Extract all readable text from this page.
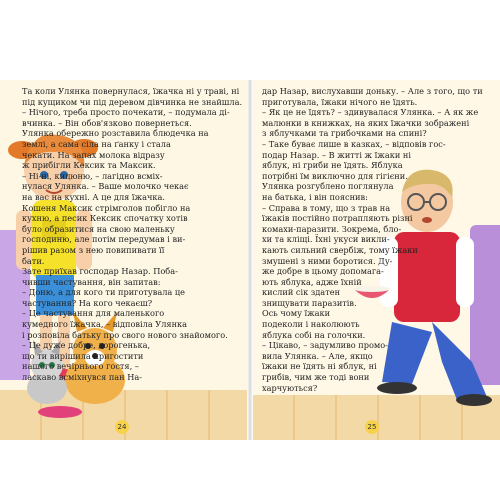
Та коли Улянка повернулася, їжачка ні у траві, ні

під кущиком чи під деревом дівчинка не знайшла.

– Нічого, треба просто почекати, – подумала ді-

вчинка. – Він обов'язково повернеться.

Улянка обережно розставила блюдечка на

землі, а сама сіла на ґанку і стала

чекати. На запах молока відразу

ж прибігли Кексик та Максик.

– Ні-ні, кицюню, – лагідно всміх-

нулася Улянка. – Ваше молочко чекає

на вас на кухні. А це для їжачка.

Кошеня Максик стрімголов побігло на

кухню, а песик Кексик спочатку хотів

було образитися на свою маленьку

господиню, але потім передумав і ви-

рішив разом з нею повипивати її

бати.

Зате приїхав господар Назар. Поба-

чивши частування, він запитав:

– Доню, а для кого ти приготувала це

частування? На кого чекаєш?

– Це частування для маленького

кумедного їжачка, – відповіла Улянка

і розповіла батьку про свого нового знайомого.

– Це дуже добре, дорогенька,

що ти вирішила пригостити

нашого вечірнього гостя, –

ласкаво всміхнувся пан На-

дар Назар, вислухавши доньку. – Але з того, що ти

приготувала, їжаки нічого не їдять.

– Як це не їдять? – здивувалася Улянка. – А як же

малюнки в книжках, на яких їжачки зображені

з яблучками та грибочками на спині?

– Таке буває лише в казках, – відповів гос-

подар Назар. – В житті ж їжаки ні

яблук, ні гриби не їдять. Яблука

потрібні їм виключно для гігієни.

Улянка розгублено поглянула

на батька, і він пояснив:

– Справа в тому, що з трав на

їжаків постійно потрапляють різні

комахи-паразити. Зокрема, бло-

хи та кліщі. Їхні укуси викли-

кають сильний свербіж, тому їжаки

змушені з ними боротися. Ду-

же добре в цьому допомага-

ють яблука, адже їхній

кислий сік здатен

знищувати паразитів.

Ось чому їжаки

подекoли і накoлюють

яблука собі на голочки.

– Цікаво, – задумливо промо-

вила Улянка. – Але, якщо

їжаки не їдять ні яблук, ні

грибів, чим же тоді вони

харчуються?

24	25
